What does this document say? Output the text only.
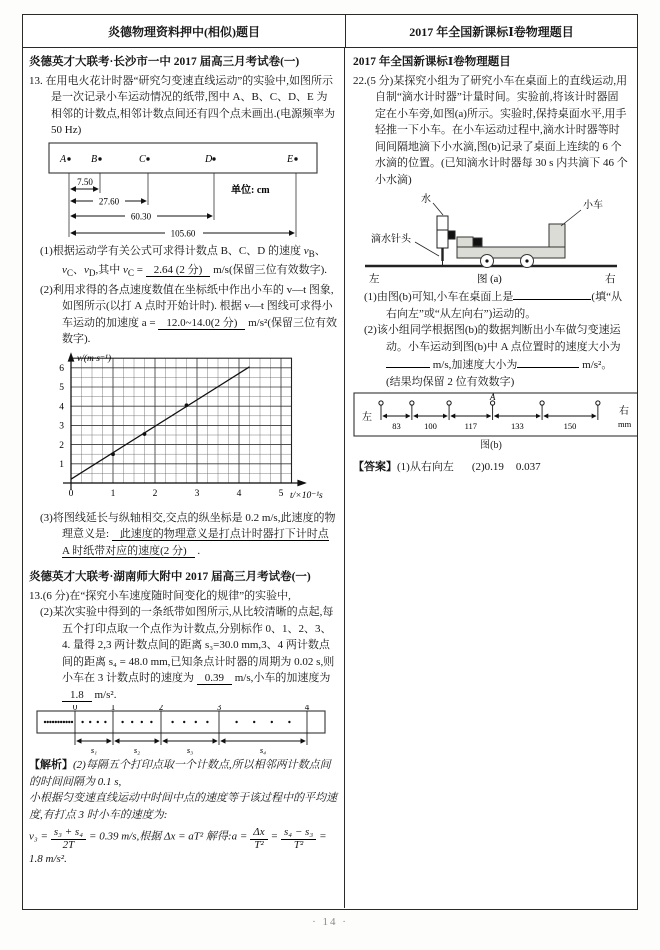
炎德物理资料押中(相似)题目	2017 年全国新课标Ⅰ卷物理题目
炎德英才大联考·长沙市一中 2017 届高三月考试卷(一)
13. 在用电火花计时器“研究匀变速直线运动”的实验中,如图所示是一次记录小车运动情况的纸带,图中 A、B、C、D、E 为相邻的计数点,相邻计数点间还有四个点未画出.(电源频率为 50 Hz)
A B	C	D	E
7.50
27.60
60.30
105.60
单位: cm
(1)根据运动学有关公式可求得计数点 B、C、D 的速度 $v_B$、$v_C$、$v_D$,其中 $v_C = 2.64$ (2 分) m/s(保留三位有效数字).
(2)利用求得的各点速度数值在坐标纸中作出小车的 v—t 图象,如图所示(以打 A 点时开始计时). 根据 v—t 图线可求得小车运动的加速度 a = 12.0~14.0(2 分) m/s²(保留三位有效数字).
0	1	2	3	4	5
1
2
3
4
5
6
v/(m·s⁻¹)
t/×10⁻¹s
(3)将图线延长与纵轴相交,交点的纵坐标是 0.2 m/s,此速度的物理意义是: 此速度的物理意义是打点计时器打下计时点 A 时纸带对应的速度(2 分) .
炎德英才大联考·湖南师大附中 2017 届高三月考试卷(一)
13.(6 分)在“探究小车速度随时间变化的规律”的实验中,
(2)某次实验中得到的一条纸带如图所示,从比较清晰的点起,每五个打印点取一个点作为计数点,分别标作 0、1、2、3、4. 量得 2,3 两计数点间的距离 s₃=30.0 mm,3、4 两计数点间的距离 s₄ = 48.0 mm,已知条点计时器的周期为 0.02 s,则小车在 3 计数点时的速度为 0.39 m/s,小车的加速度为 1.8 m/s².
0	1	2	3	4
s₁	s₂	s₃	s₄
【解析】(2)每隔五个打印点取一个计数点,所以相邻两计数点间的时间间隔为 0.1 s,
小根据匀变速直线运动中时间中点的速度等于该过程中的平均速度,有打点 3 时小车的速度为:
$v_3 = \frac{\text{s₃ + s₄}}{2T} = 0.39$ m/s,根据 Δx = aT² 解得:a = $\frac{\Delta x}{\text{T²}} = \frac{\text{s₄ − s₃}}{\text{T²}}$ =
1.8 m/s².
2017 年全国新课标Ⅰ卷物理题目
22.(5 分)某探究小组为了研究小车在桌面上的直线运动,用自制“滴水计时器”计量时间。实验前,将该计时器固定在小车旁,如图(a)所示。实验时,保持桌面水平,用手轻推一下小车。在小车运动过程中,滴水计时器等时间间隔地滴下小水滴,图(b)记录了桌面上连续的 6 个水滴的位置。(已知滴水计时器每 30 s 内共滴下 46 个小水滴)
水
小车
滴水针头
左	图 (a)	右
(1)由图(b)可知,小车在桌面上是	(填“从右向左”或“从左向右”)运动的。
(2)该小组同学根据图(b)的数据判断出小车做匀变速运动。小车运动到图(b)中 A 点位置时的速度大小为 m/s,加速度大小为	m/s²。
(结果均保留 2 位有效数字)
A
83	100	117	133	150
左
右
mm
图(b)
【答案】(1)从右向左 (2)0.19 0.037
· 14 ·
